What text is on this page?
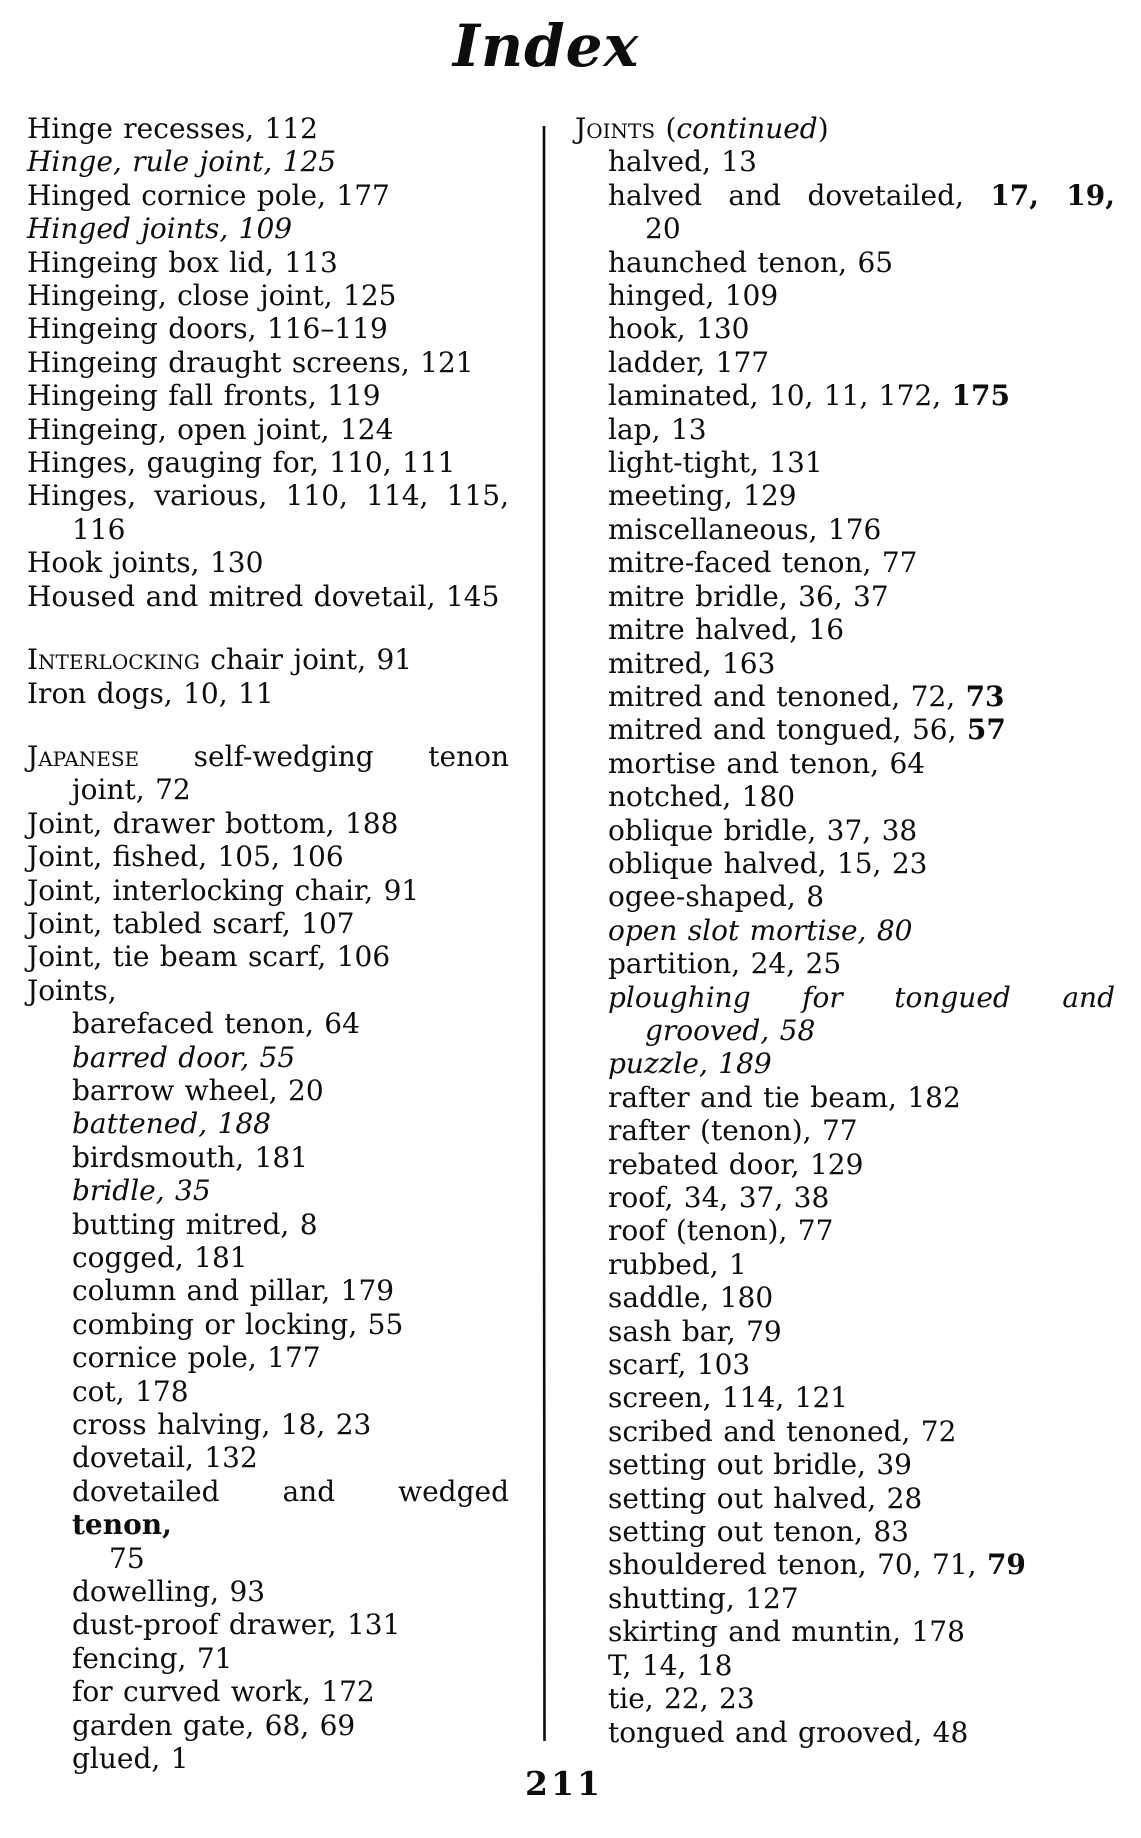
Index
Hinge recesses, 112
Hinge, rule joint, 125
Hinged cornice pole, 177
Hinged joints, 109
Hingeing box lid, 113
Hingeing, close joint, 125
Hingeing doors, 116–119
Hingeing draught screens, 121
Hingeing fall fronts, 119
Hingeing, open joint, 124
Hinges, gauging for, 110, 111
Hinges, various, 110, 114, 115,
116
Hook joints, 130
Housed and mitred dovetail, 145
Interlocking chair joint, 91
Iron dogs, 10, 11
Japanese self-wedging tenon
joint, 72
Joint, drawer bottom, 188
Joint, fished, 105, 106
Joint, interlocking chair, 91
Joint, tabled scarf, 107
Joint, tie beam scarf, 106
Joints,
barefaced tenon, 64
barred door, 55
barrow wheel, 20
battened, 188
birdsmouth, 181
bridle, 35
butting mitred, 8
cogged, 181
column and pillar, 179
combing or locking, 55
cornice pole, 177
cot, 178
cross halving, 18, 23
dovetail, 132
dovetailed and wedged tenon,
75
dowelling, 93
dust-proof drawer, 131
fencing, 71
for curved work, 172
garden gate, 68, 69
glued, 1
Joints (continued)
halved, 13
halved and dovetailed, 17, 19,
20
haunched tenon, 65
hinged, 109
hook, 130
ladder, 177
laminated, 10, 11, 172, 175
lap, 13
light-tight, 131
meeting, 129
miscellaneous, 176
mitre-faced tenon, 77
mitre bridle, 36, 37
mitre halved, 16
mitred, 163
mitred and tenoned, 72, 73
mitred and tongued, 56, 57
mortise and tenon, 64
notched, 180
oblique bridle, 37, 38
oblique halved, 15, 23
ogee-shaped, 8
open slot mortise, 80
partition, 24, 25
ploughing for tongued and
grooved, 58
puzzle, 189
rafter and tie beam, 182
rafter (tenon), 77
rebated door, 129
roof, 34, 37, 38
roof (tenon), 77
rubbed, 1
saddle, 180
sash bar, 79
scarf, 103
screen, 114, 121
scribed and tenoned, 72
setting out bridle, 39
setting out halved, 28
setting out tenon, 83
shouldered tenon, 70, 71, 79
shutting, 127
skirting and muntin, 178
T, 14, 18
tie, 22, 23
tongued and grooved, 48
211
